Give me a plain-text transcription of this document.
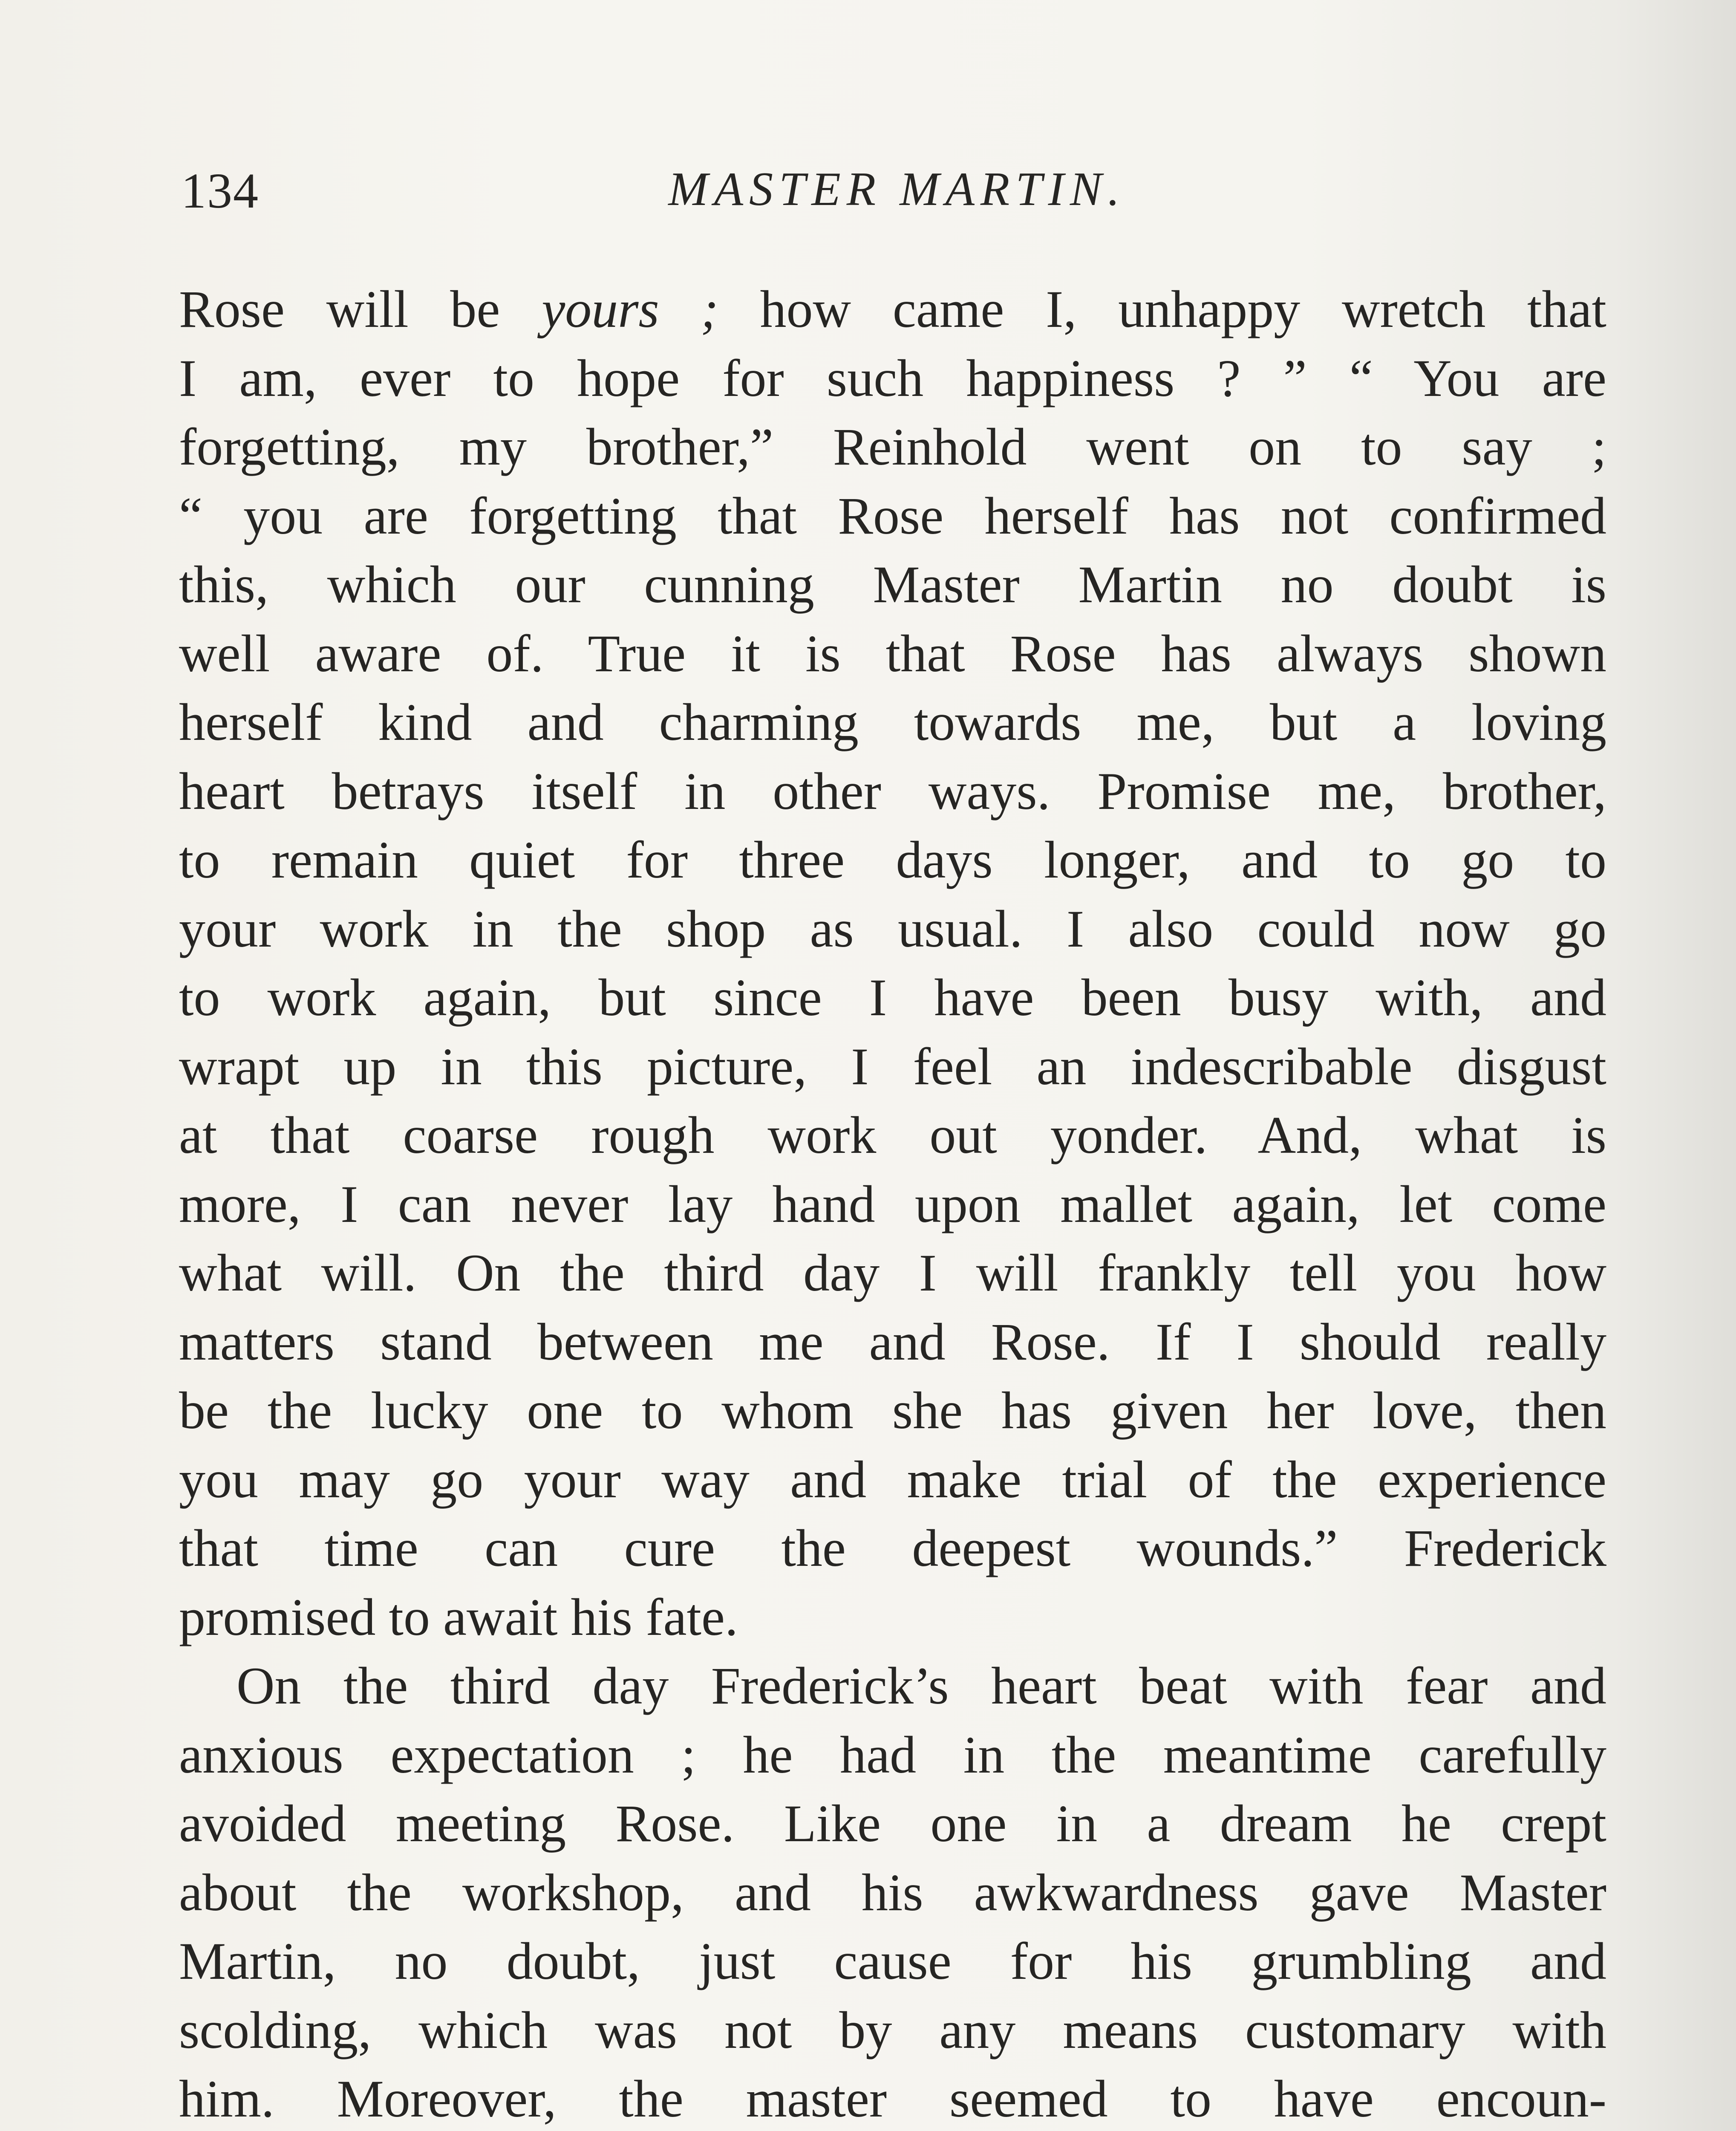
134	MASTER MARTIN.
Rose will be yours ; how came I, unhappy wretch that
I am, ever to hope for such happiness ? ” “ You are
forgetting, my brother,” Reinhold went on to say ;
“ you are forgetting that Rose herself has not confirmed
this, which our cunning Master Martin no doubt is
well aware of. True it is that Rose has always shown
herself kind and charming towards me, but a loving
heart betrays itself in other ways. Promise me, brother,
to remain quiet for three days longer, and to go to
your work in the shop as usual. I also could now go
to work again, but since I have been busy with, and
wrapt up in this picture, I feel an indescribable disgust
at that coarse rough work out yonder. And, what is
more, I can never lay hand upon mallet again, let come
what will. On the third day I will frankly tell you how
matters stand between me and Rose. If I should really
be the lucky one to whom she has given her love, then
you may go your way and make trial of the experience
that time can cure the deepest wounds.” Frederick
promised to await his fate.
On the third day Frederick’s heart beat with fear and
anxious expectation ; he had in the meantime carefully
avoided meeting Rose. Like one in a dream he crept
about the workshop, and his awkwardness gave Master
Martin, no doubt, just cause for his grumbling and
scolding, which was not by any means customary with
him. Moreover, the master seemed to have encoun-
